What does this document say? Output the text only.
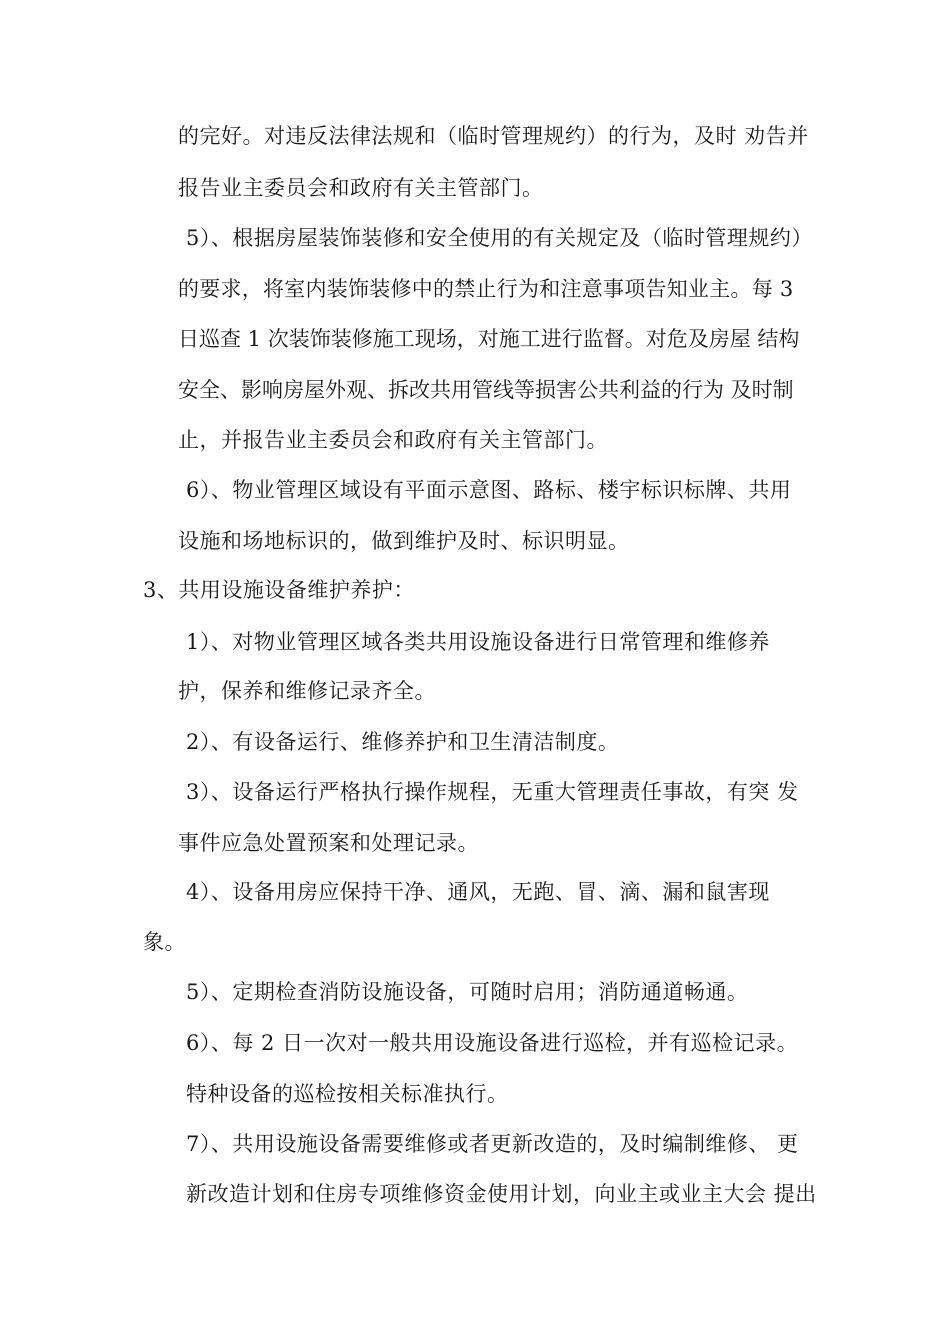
的完好。对违反法律法规和（临时管理规约）的行为，及时 劝告并
报告业主委员会和政府有关主管部门。
5）、根据房屋装饰装修和安全使用的有关规定及（临时管理规约）
的要求，将室内装饰装修中的禁止行为和注意事项告知业主。每 3
日巡查 1 次装饰装修施工现场，对施工进行监督。对危及房屋 结构
安全、影响房屋外观、拆改共用管线等损害公共利益的行为 及时制
止，并报告业主委员会和政府有关主管部门。
6）、物业管理区域设有平面示意图、路标、楼宇标识标牌、共用
设施和场地标识的，做到维护及时、标识明显。
3、共用设施设备维护养护：
1）、对物业管理区域各类共用设施设备进行日常管理和维修养
护，保养和维修记录齐全。
2）、有设备运行、维修养护和卫生清洁制度。
3）、设备运行严格执行操作规程，无重大管理责任事故，有突 发
事件应急处置预案和处理记录。
4）、设备用房应保持干净、通风，无跑、冒、滴、漏和鼠害现
象。
5）、定期检查消防设施设备，可随时启用；消防通道畅通。
6）、每 2 日一次对一般共用设施设备进行巡检，并有巡检记录。
特种设备的巡检按相关标准执行。
7）、共用设施设备需要维修或者更新改造的，及时编制维修、 更
新改造计划和住房专项维修资金使用计划，向业主或业主大会 提出
